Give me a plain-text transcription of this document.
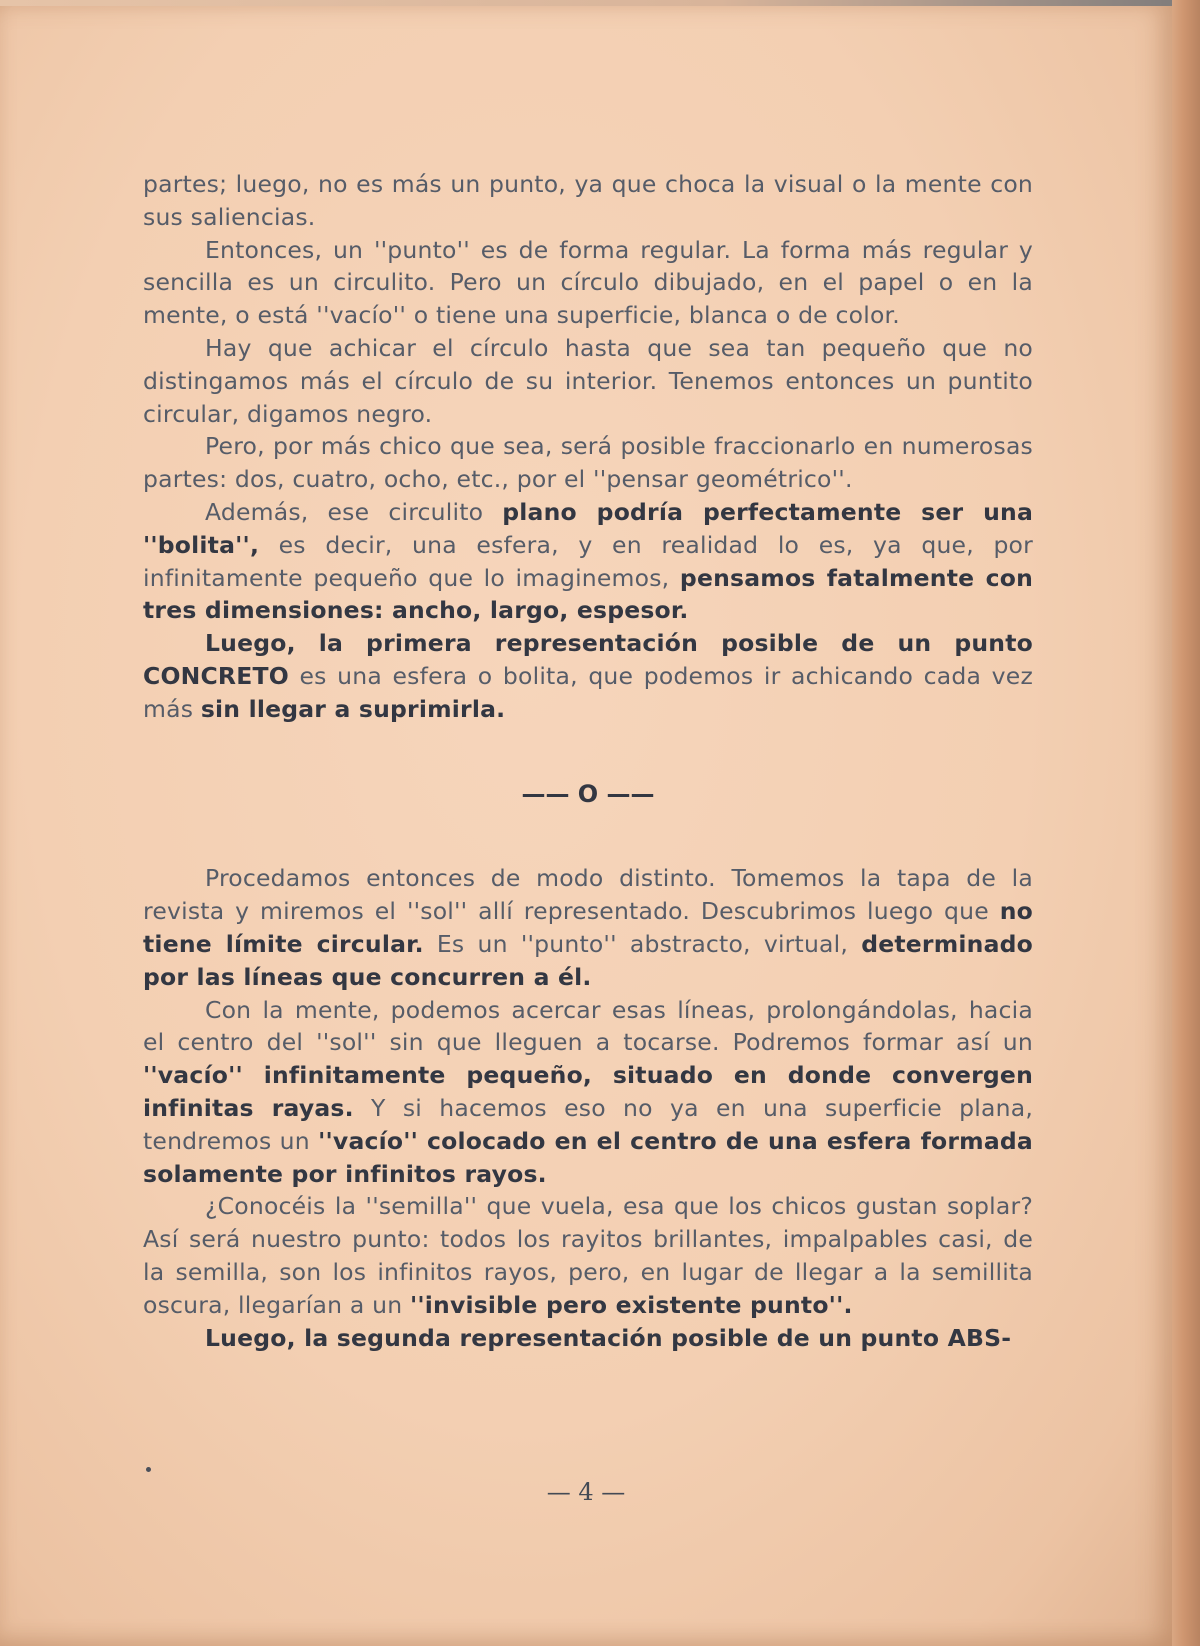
partes; luego, no es más un punto, ya que choca la visual o la mente con sus saliencias.

Entonces, un ''punto'' es de forma regular. La forma más regular y sencilla es un circulito. Pero un círculo dibujado, en el papel o en la mente, o está ''vacío'' o tiene una superficie, blanca o de color.

Hay que achicar el círculo hasta que sea tan pequeño que no distingamos más el círculo de su interior. Tenemos entonces un puntito circular, digamos negro.

Pero, por más chico que sea, será posible fraccionarlo en numerosas partes: dos, cuatro, ocho, etc., por el ''pensar geométrico''.

Además, ese circulito plano podría perfectamente ser una ''bolita'', es decir, una esfera, y en realidad lo es, ya que, por infinitamente pequeño que lo imaginemos, pensamos fatalmente con tres dimensiones: ancho, largo, espesor.

Luego, la primera representación posible de un punto CONCRETO es una esfera o bolita, que podemos ir achicando cada vez más sin llegar a suprimirla.

—— O ——

Procedamos entonces de modo distinto. Tomemos la tapa de la revista y miremos el ''sol'' allí representado. Descubrimos luego que no tiene límite circular. Es un ''punto'' abstracto, virtual, determinado por las líneas que concurren a él.

Con la mente, podemos acercar esas líneas, prolongándolas, hacia el centro del ''sol'' sin que lleguen a tocarse. Podremos formar así un ''vacío'' infinitamente pequeño, situado en donde convergen infinitas rayas. Y si hacemos eso no ya en una superficie plana, tendremos un ''vacío'' colocado en el centro de una esfera formada solamente por infinitos rayos.

¿Conocéis la ''semilla'' que vuela, esa que los chicos gustan soplar? Así será nuestro punto: todos los rayitos brillantes, impalpables casi, de la semilla, son los infinitos rayos, pero, en lugar de llegar a la semillita oscura, llegarían a un ''invisible pero existente punto''.

Luego, la segunda representación posible de un punto ABS-

— 4 —
